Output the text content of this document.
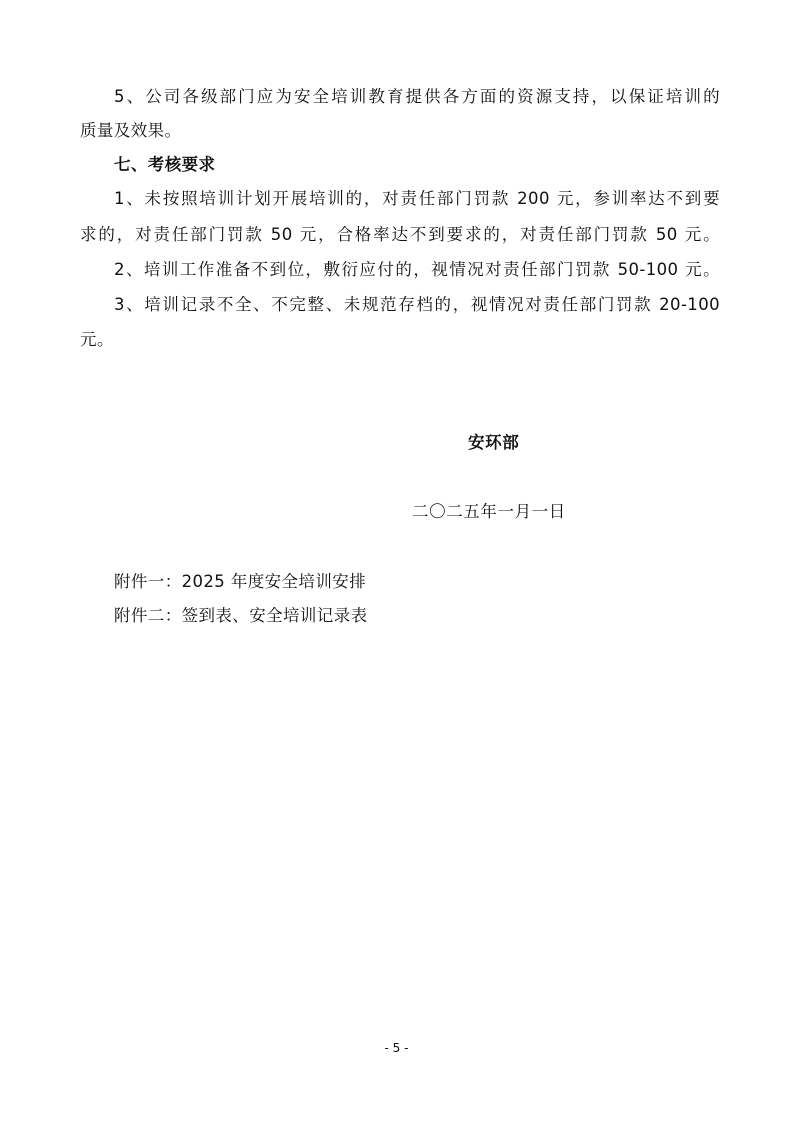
5、公司各级部门应为安全培训教育提供各方面的资源支持，以保证培训的
质量及效果。
七、考核要求
1、未按照培训计划开展培训的，对责任部门罚款 200 元，参训率达不到要
求的，对责任部门罚款 50 元，合格率达不到要求的，对责任部门罚款 50 元。
2、培训工作准备不到位，敷衍应付的，视情况对责任部门罚款 50-100 元。
3、培训记录不全、不完整、未规范存档的，视情况对责任部门罚款 20-100
元。
安环部
二〇二五年一月一日
附件一：2025 年度安全培训安排
附件二：签到表、安全培训记录表
- 5 -
